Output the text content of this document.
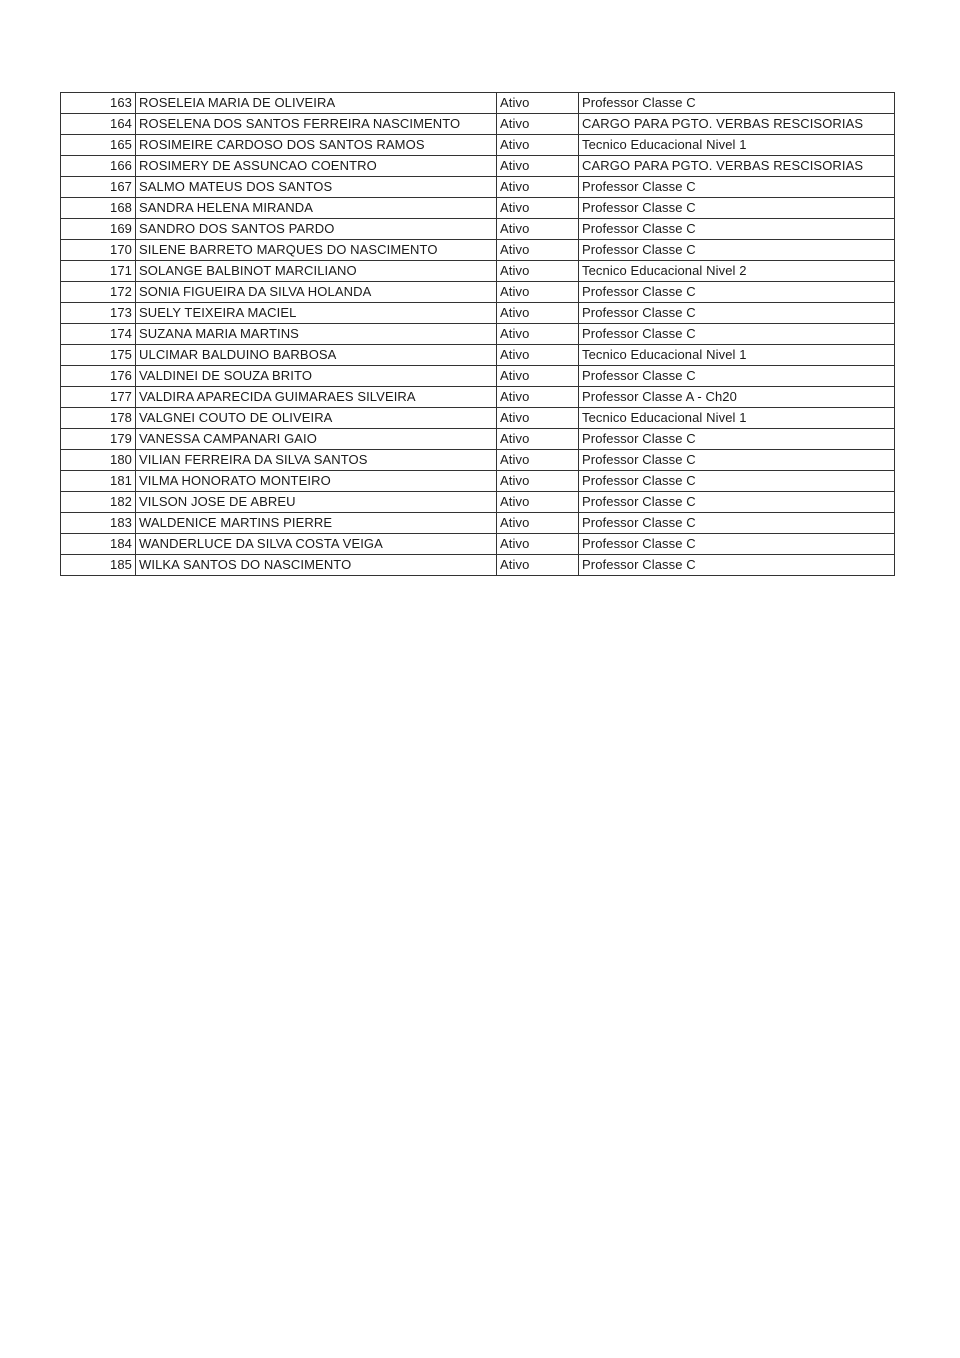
163	ROSELEIA MARIA DE OLIVEIRA	Ativo	Professor Classe C
164	ROSELENA DOS SANTOS FERREIRA NASCIMENTO	Ativo	CARGO PARA PGTO. VERBAS RESCISORIAS
165	ROSIMEIRE CARDOSO DOS SANTOS RAMOS	Ativo	Tecnico Educacional Nivel 1
166	ROSIMERY DE ASSUNCAO COENTRO	Ativo	CARGO PARA PGTO. VERBAS RESCISORIAS
167	SALMO MATEUS DOS SANTOS	Ativo	Professor Classe C
168	SANDRA HELENA MIRANDA	Ativo	Professor Classe C
169	SANDRO DOS SANTOS PARDO	Ativo	Professor Classe C
170	SILENE BARRETO MARQUES DO NASCIMENTO	Ativo	Professor Classe C
171	SOLANGE BALBINOT MARCILIANO	Ativo	Tecnico Educacional Nivel 2
172	SONIA FIGUEIRA DA SILVA HOLANDA	Ativo	Professor Classe C
173	SUELY TEIXEIRA MACIEL	Ativo	Professor Classe C
174	SUZANA MARIA MARTINS	Ativo	Professor Classe C
175	ULCIMAR BALDUINO BARBOSA	Ativo	Tecnico Educacional Nivel 1
176	VALDINEI DE SOUZA BRITO	Ativo	Professor Classe C
177	VALDIRA APARECIDA GUIMARAES SILVEIRA	Ativo	Professor Classe A - Ch20
178	VALGNEI COUTO DE OLIVEIRA	Ativo	Tecnico Educacional Nivel 1
179	VANESSA CAMPANARI GAIO	Ativo	Professor Classe C
180	VILIAN FERREIRA DA SILVA SANTOS	Ativo	Professor Classe C
181	VILMA HONORATO MONTEIRO	Ativo	Professor Classe C
182	VILSON JOSE DE ABREU	Ativo	Professor Classe C
183	WALDENICE MARTINS PIERRE	Ativo	Professor Classe C
184	WANDERLUCE DA SILVA COSTA VEIGA	Ativo	Professor Classe C
185	WILKA SANTOS DO NASCIMENTO	Ativo	Professor Classe C
